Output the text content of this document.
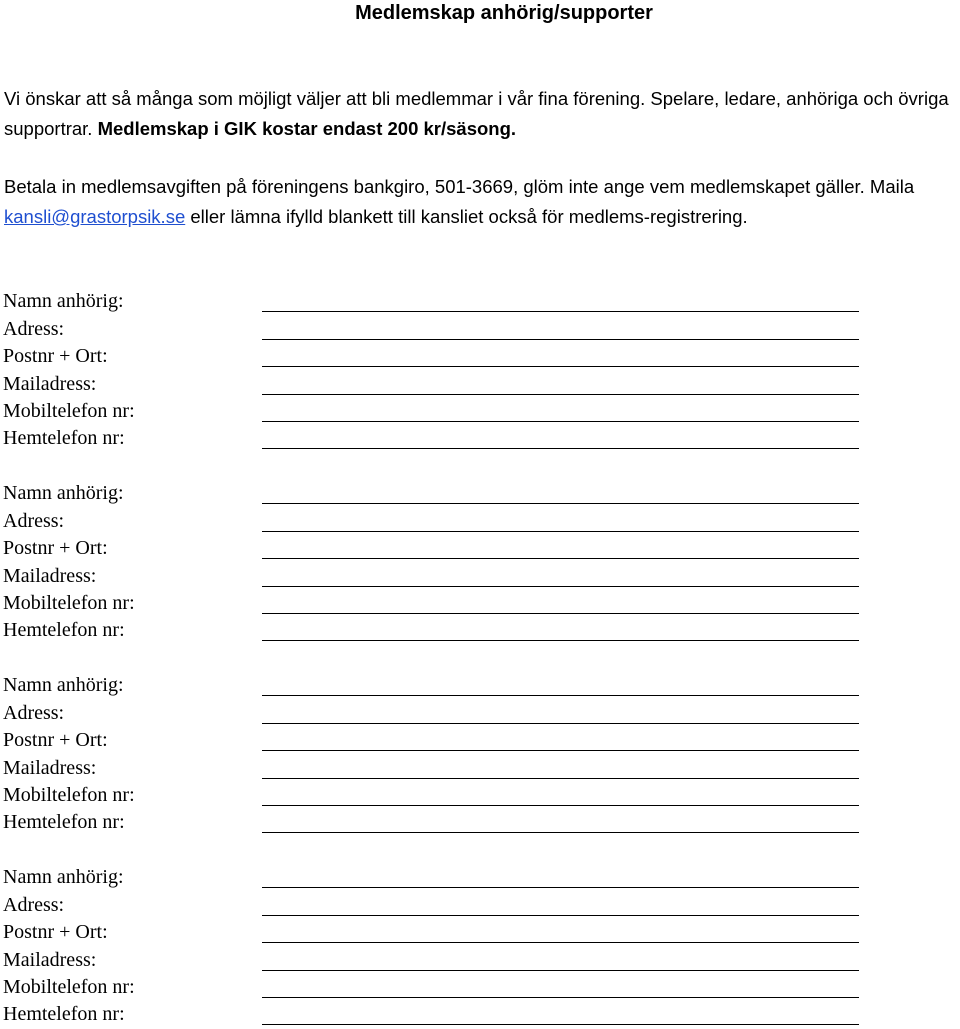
Medlemskap anhörig/supporter

Vi önskar att så många som möjligt väljer att bli medlemmar i vår fina förening. Spelare, ledare, anhöriga och övriga supportrar. Medlemskap i GIK kostar endast 200 kr/säsong.

Betala in medlemsavgiften på föreningens bankgiro, 501-3669, glöm inte ange vem medlemskapet gäller. Maila kansli@grastorpsik.se eller lämna ifylld blankett till kansliet också för medlems-registrering.

Namn anhörig:
Adress:
Postnr + Ort:
Mailadress:
Mobiltelefon nr:
Hemtelefon nr:
Namn anhörig:
Adress:
Postnr + Ort:
Mailadress:
Mobiltelefon nr:
Hemtelefon nr:
Namn anhörig:
Adress:
Postnr + Ort:
Mailadress:
Mobiltelefon nr:
Hemtelefon nr:
Namn anhörig:
Adress:
Postnr + Ort:
Mailadress:
Mobiltelefon nr:
Hemtelefon nr:
